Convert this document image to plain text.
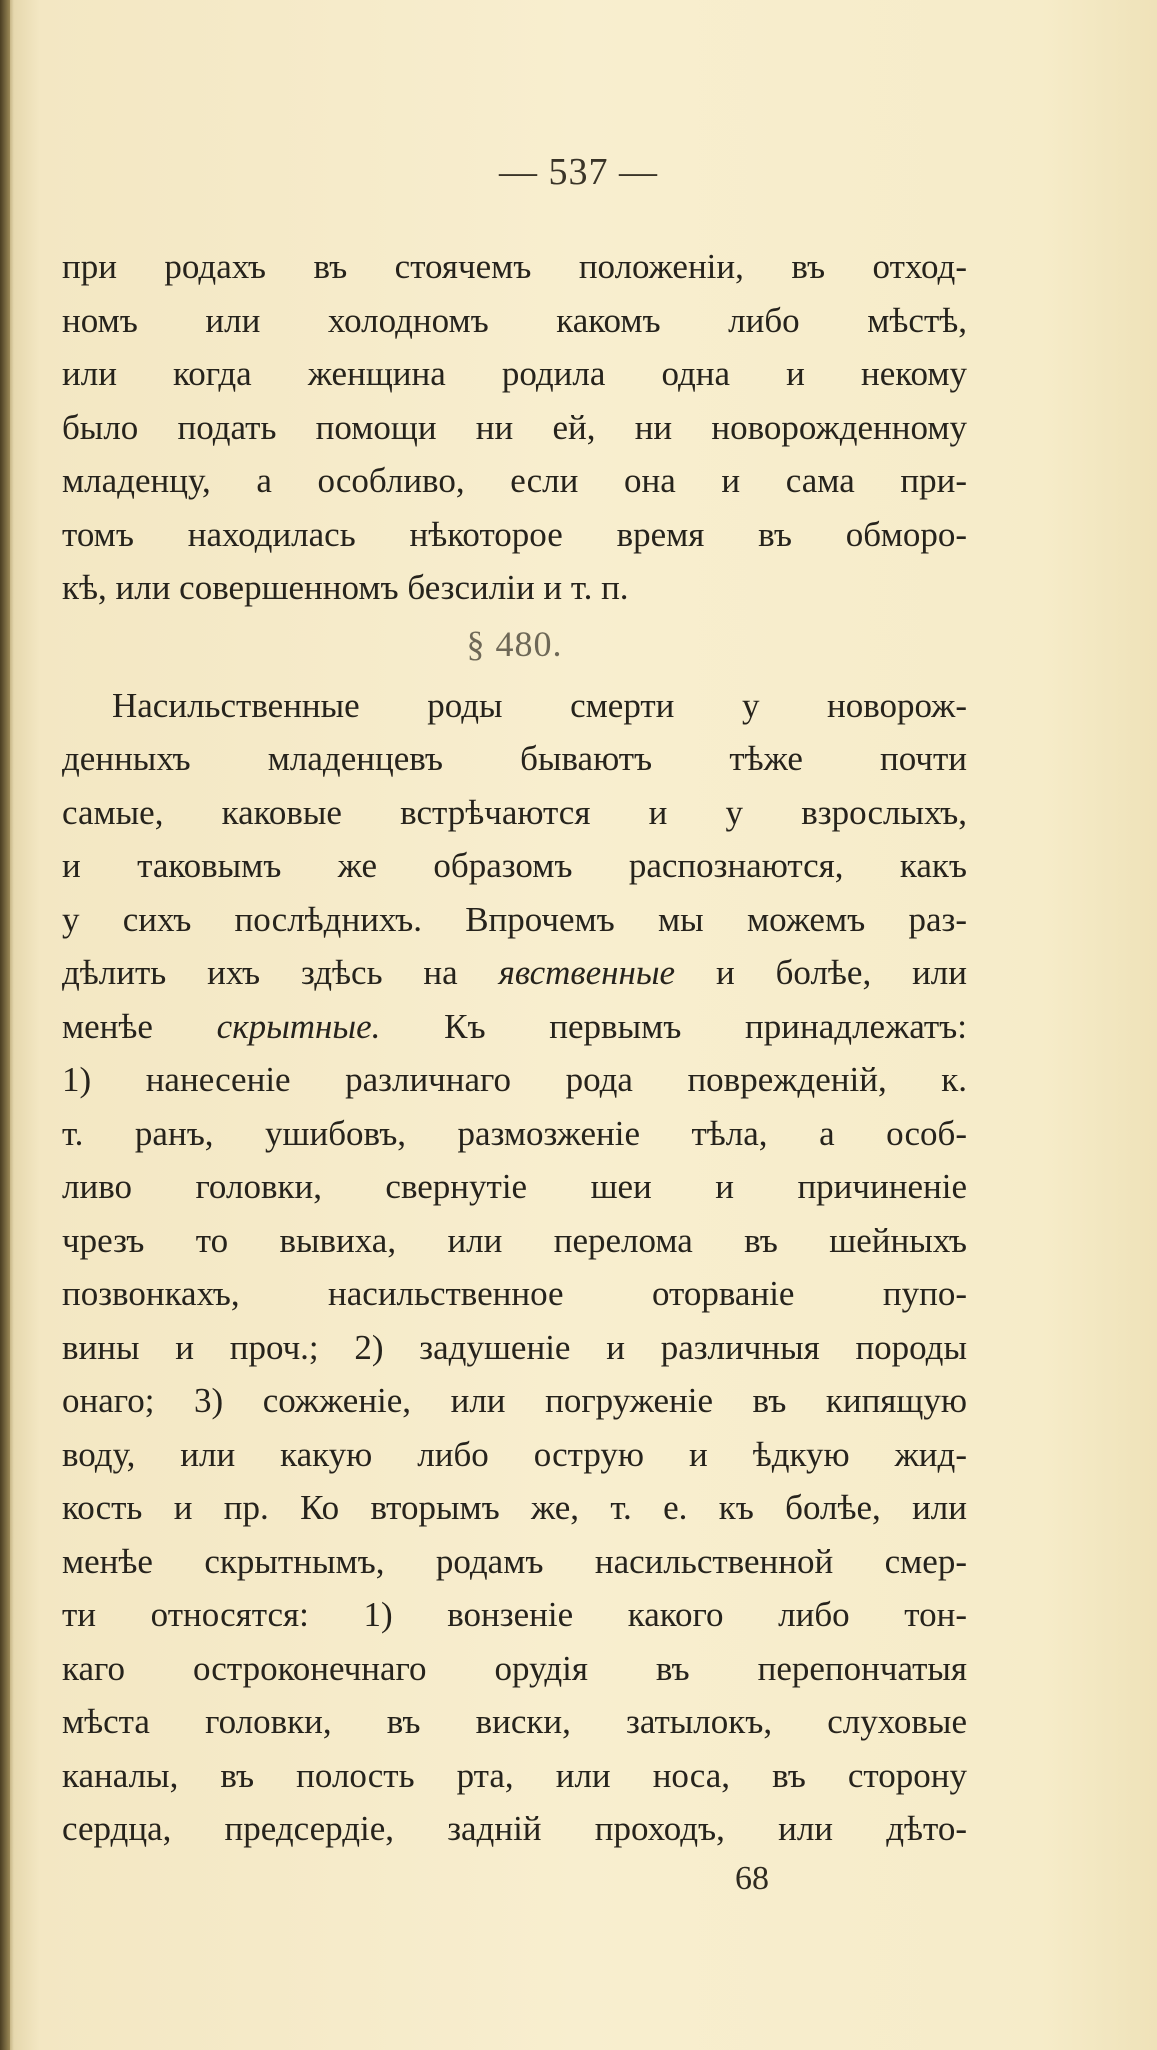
— 537 —
при родахъ въ стоячемъ положенiи, въ отход-
номъ или холодномъ какомъ либо мѣстѣ,
или когда женщина родила одна и некому
было подать помощи ни ей, ни новорожденному
младенцу, а особливо, если она и сама при-
томъ находилась нѣкоторое время въ обморо-
кѣ, или совершенномъ безсилiи и т. п.
§ 480.
Насильственные роды смерти у новорож-
денныхъ младенцевъ бываютъ тѣже почти
самые, каковые встрѣчаются и у взрослыхъ,
и таковымъ же образомъ распознаются, какъ
у сихъ послѣднихъ. Впрочемъ мы можемъ раз-
дѣлить ихъ здѣсь на явственные и болѣе, или
менѣе скрытные. Къ первымъ принадлежатъ:
1) нанесенiе различнаго рода поврежденiй, к.
т. ранъ, ушибовъ, размозженiе тѣла, а особ-
ливо головки, свернутiе шеи и причиненiе
чрезъ то вывиха, или перелома въ шейныхъ
позвонкахъ, насильственное оторванiе пупо-
вины и проч.; 2) задушенiе и различныя породы
онаго; 3) сожженiе, или погруженiе въ кипящую
воду, или какую либо острую и ѣдкую жид-
кость и пр. Ко вторымъ же, т. е. къ болѣе, или
менѣе скрытнымъ, родамъ насильственной смер-
ти относятся: 1) вонзенiе какого либо тон-
каго остроконечнаго орудiя въ перепончатыя
мѣста головки, въ виски, затылокъ, слуховые
каналы, въ полость рта, или носа, въ сторону
сердца, предсердiе, заднiй проходъ, или дѣто-
68
